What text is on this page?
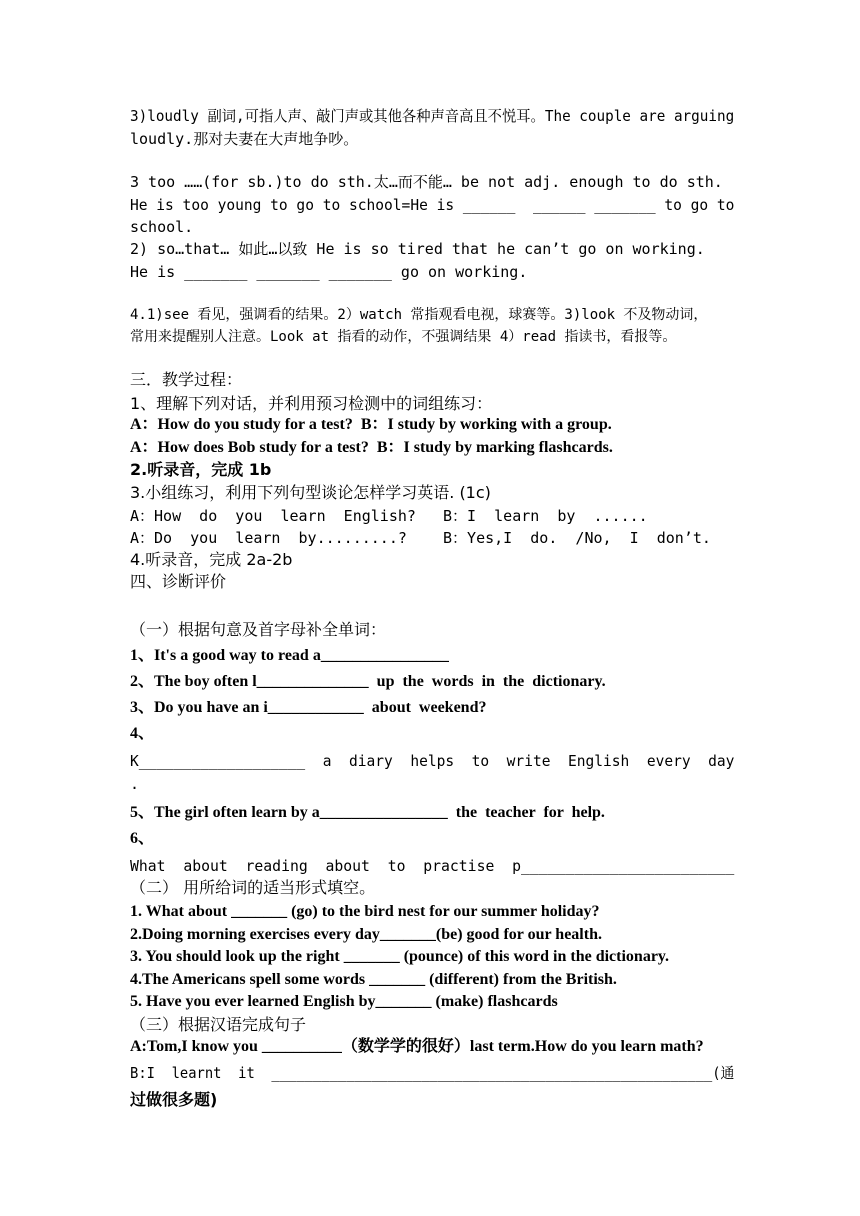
3)loudly 副词,可指人声、敲门声或其他各种声音高且不悦耳。The couple are arguing
loudly.那对夫妻在大声地争吵。
3 too ……(for sb.)to do sth.太…而不能… be not adj. enough to do sth.
He is too young to go to school=He is ______  ______ _______ to go to
school.
2) so…that… 如此…以致 He is so tired that he can’t go on working.
He is _______ _______ _______ go on working.
4.1)see 看见，强调看的结果。2）watch 常指观看电视，球赛等。3)look 不及物动词，
常用来提醒别人注意。Look at 指看的动作，不强调结果 4）read 指读书，看报等。
三．教学过程：
1、理解下列对话，并利用预习检测中的词组练习：
A：How do you study for a test?  B：I study by working with a group.
A：How does Bob study for a test?  B：I study by marking flashcards.
2.听录音，完成 1b
3.小组练习，利用下列句型谈论怎样学习英语. (1c)
A：How  do  you  learn  English?   B：I  learn  by  ......
A：Do  you  learn  by.........?    B：Yes,I  do.  /No,  I  don’t.
4.听录音，完成 2a-2b
四、诊断评价
（一）根据句意及首字母补全单词：
1、It's a good way to read a________________
2、The boy often l______________  up  the  words  in  the  dictionary.
3、Do you have an i____________  about  weekend?
4、
K___________________  a  diary  helps  to  write  English  every  day
.
5、The girl often learn by a________________  the  teacher  for  help.
6、
What  about  reading  about  to  practise  p________________________
（二） 用所给词的适当形式填空。
1. What about _______ (go) to the bird nest for our summer holiday?
2.Doing morning exercises every day_______(be) good for our health.
3. You should look up the right _______ (pounce) of this word in the dictionary.
4.The Americans spell some words _______ (different) from the British.
5. Have you ever learned English by_______ (make) flashcards
（三）根据汉语完成句子
A:Tom,I know you __________（数学学的很好）last term.How do you learn math?
B:I  learnt  it  _____________________________________________________(通
过做很多题)
